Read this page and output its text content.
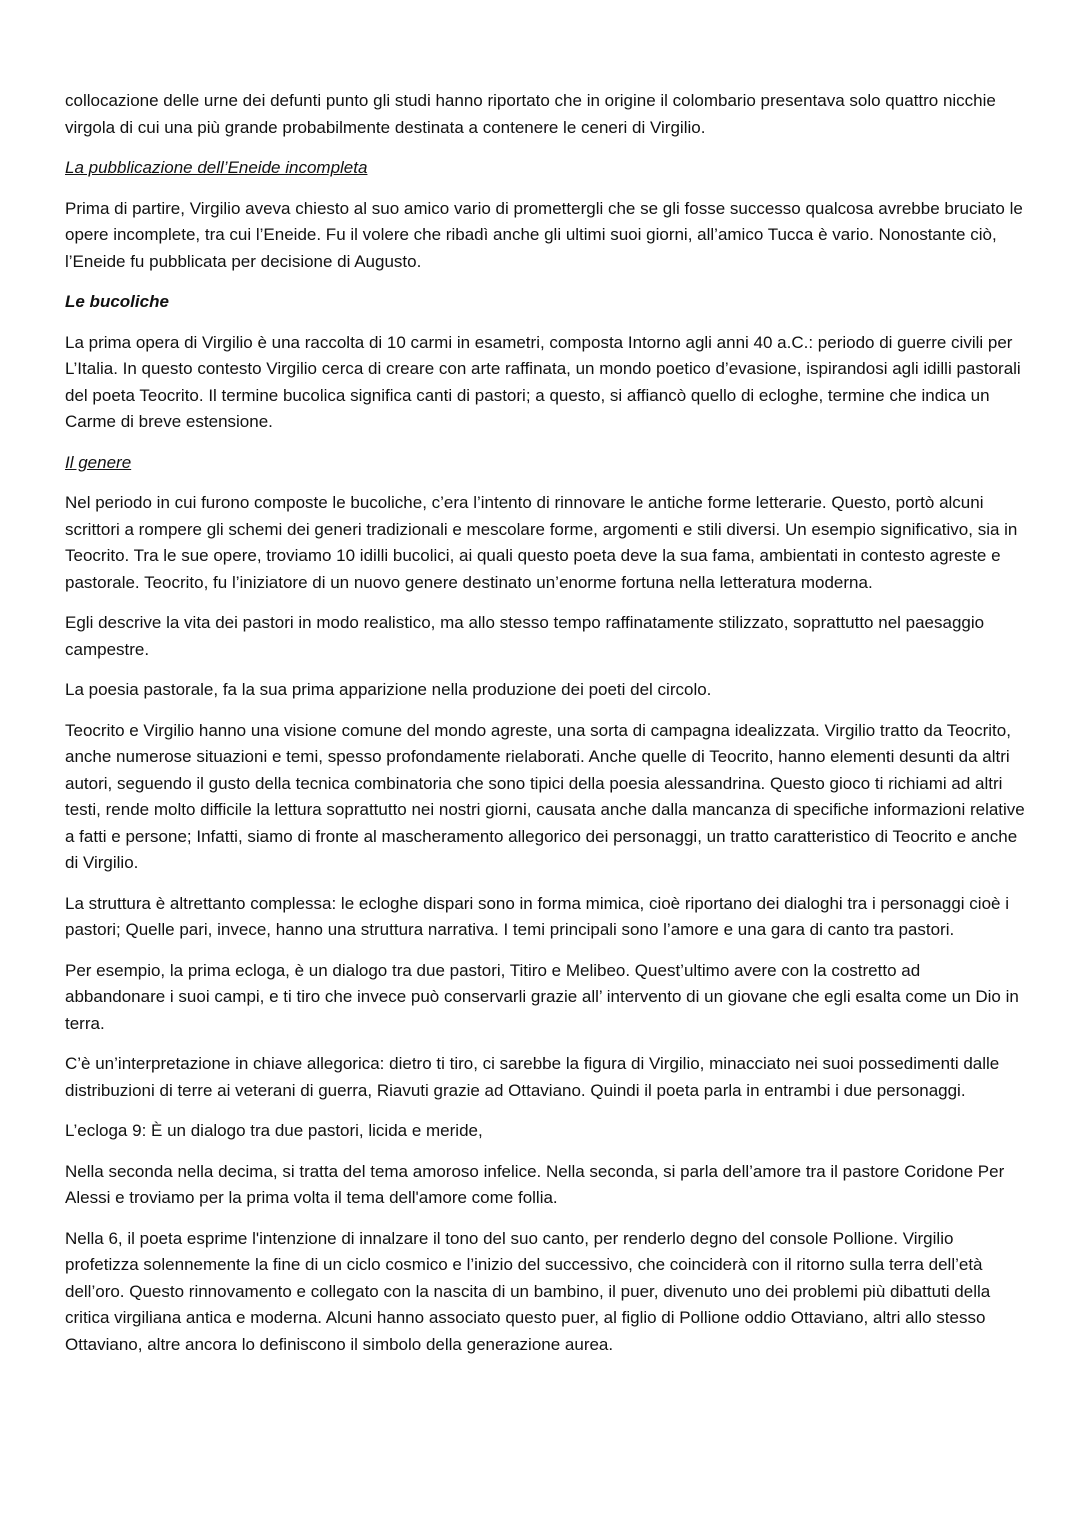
collocazione delle urne dei defunti punto gli studi hanno riportato che in origine il colombario presentava solo quattro nicchie virgola di cui una più grande probabilmente destinata a contenere le ceneri di Virgilio.

La pubblicazione dell’Eneide incompleta

Prima di partire, Virgilio aveva chiesto al suo amico vario di promettergli che se gli fosse successo qualcosa avrebbe bruciato le opere incomplete, tra cui l’Eneide. Fu il volere che ribadì anche gli ultimi suoi giorni, all’amico Tucca è vario. Nonostante ciò, l’Eneide fu pubblicata per decisione di Augusto.

Le bucoliche

La prima opera di Virgilio è una raccolta di 10 carmi in esametri, composta Intorno agli anni 40 a.C.: periodo di guerre civili per L’Italia. In questo contesto Virgilio cerca di creare con arte raffinata, un mondo poetico d’evasione, ispirandosi agli idilli pastorali del poeta Teocrito. Il termine bucolica significa canti di pastori; a questo, si affiancò quello di ecloghe, termine che indica un Carme di breve estensione.

Il genere

Nel periodo in cui furono composte le bucoliche, c’era l’intento di rinnovare le antiche forme letterarie. Questo, portò alcuni scrittori a rompere gli schemi dei generi tradizionali e mescolare forme, argomenti e stili diversi. Un esempio significativo, sia in Teocrito. Tra le sue opere, troviamo 10 idilli bucolici, ai quali questo poeta deve la sua fama, ambientati in contesto agreste e pastorale. Teocrito, fu l’iniziatore di un nuovo genere destinato un’enorme fortuna nella letteratura moderna.

Egli descrive la vita dei pastori in modo realistico, ma allo stesso tempo raffinatamente stilizzato, soprattutto nel paesaggio campestre.

La poesia pastorale, fa la sua prima apparizione nella produzione dei poeti del circolo.

Teocrito e Virgilio hanno una visione comune del mondo agreste, una sorta di campagna idealizzata. Virgilio tratto da Teocrito, anche numerose situazioni e temi, spesso profondamente rielaborati. Anche quelle di Teocrito, hanno elementi desunti da altri autori, seguendo il gusto della tecnica combinatoria che sono tipici della poesia alessandrina. Questo gioco ti richiami ad altri testi, rende molto difficile la lettura soprattutto nei nostri giorni, causata anche dalla mancanza di specifiche informazioni relative a fatti e persone; Infatti, siamo di fronte al mascheramento allegorico dei personaggi, un tratto caratteristico di Teocrito e anche di Virgilio.

La struttura è altrettanto complessa: le ecloghe dispari sono in forma mimica, cioè riportano dei dialoghi tra i personaggi cioè i pastori; Quelle pari, invece, hanno una struttura narrativa. I temi principali sono l’amore e una gara di canto tra pastori.

Per esempio, la prima ecloga, è un dialogo tra due pastori, Titiro e Melibeo. Quest’ultimo avere con la costretto ad abbandonare i suoi campi, e ti tiro che invece può conservarli grazie all’ intervento di un giovane che egli esalta come un Dio in terra.

C’è un’interpretazione in chiave allegorica: dietro ti tiro, ci sarebbe la figura di Virgilio, minacciato nei suoi possedimenti dalle distribuzioni di terre ai veterani di guerra, Riavuti grazie ad Ottaviano. Quindi il poeta parla in entrambi i due personaggi.

L’ecloga 9: È un dialogo tra due pastori, licida e meride,

Nella seconda nella decima, si tratta del tema amoroso infelice. Nella seconda, si parla dell’amore tra il pastore Coridone Per Alessi e troviamo per la prima volta il tema dell'amore come follia.

Nella 6, il poeta esprime l'intenzione di innalzare il tono del suo canto, per renderlo degno del console Pollione. Virgilio profetizza solennemente la fine di un ciclo cosmico e l’inizio del successivo, che coinciderà con il ritorno sulla terra dell’età dell’oro. Questo rinnovamento e collegato con la nascita di un bambino, il puer, divenuto uno dei problemi più dibattuti della critica virgiliana antica e moderna. Alcuni hanno associato questo puer, al figlio di Pollione oddio Ottaviano, altri allo stesso Ottaviano, altre ancora lo definiscono il simbolo della generazione aurea.
